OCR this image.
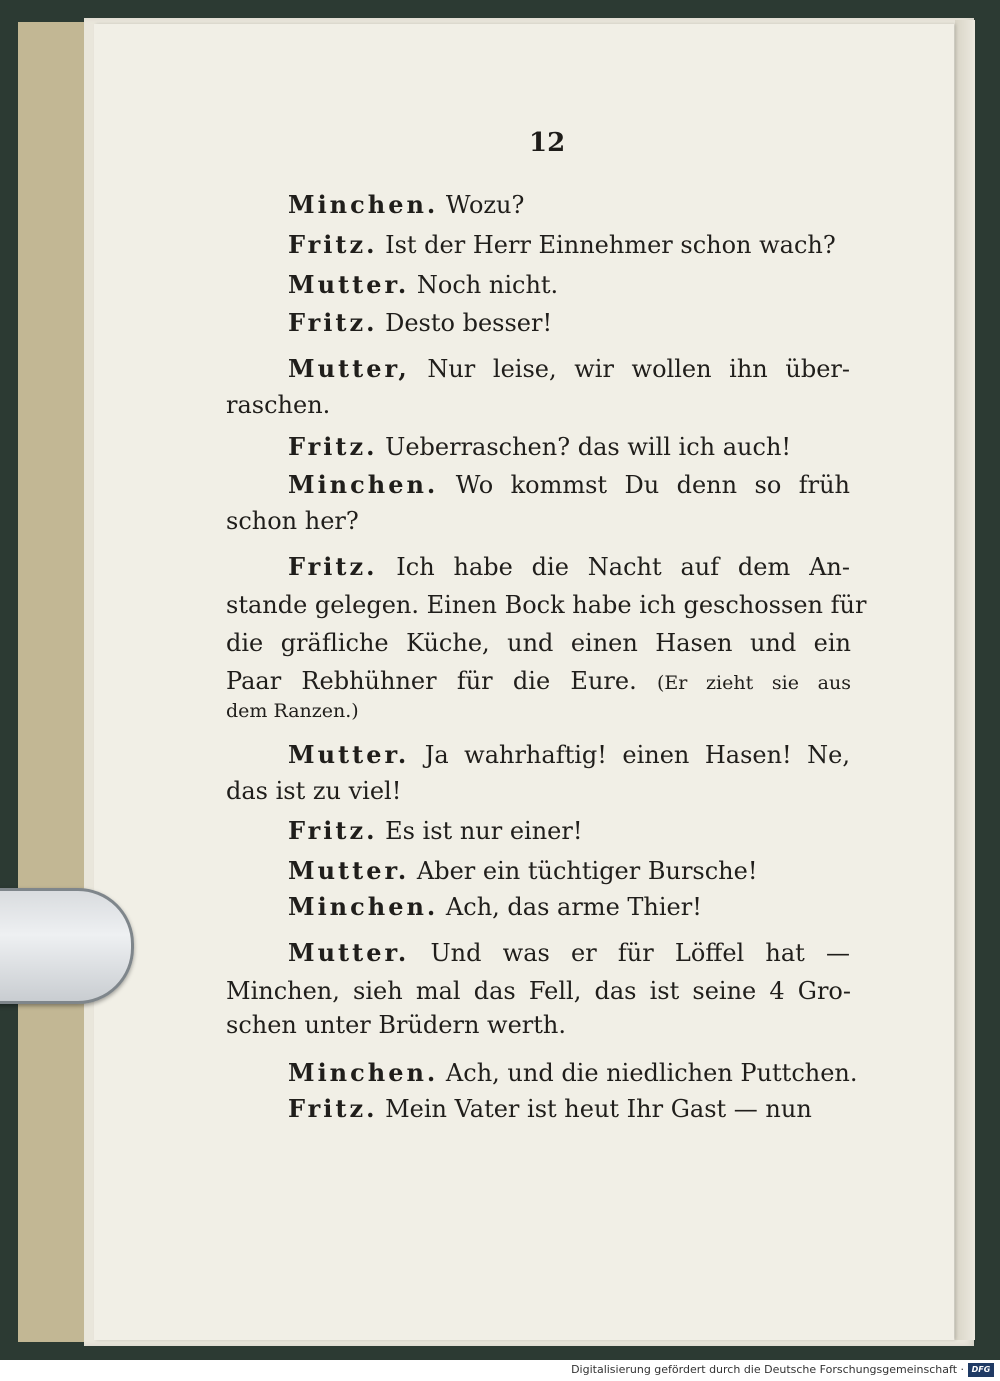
12

Minchen. Wozu?

Fritz. Ist der Herr Einnehmer schon wach?

Mutter. Noch nicht.

Fritz. Desto besser!

Mutter, Nur leise, wir wollen ihn über-

raschen.

Fritz. Ueberraschen? das will ich auch!

Minchen. Wo kommst Du denn so früh

schon her?

Fritz. Ich habe die Nacht auf dem An-

stande gelegen. Einen Bock habe ich geschossen für

die gräfliche Küche, und einen Hasen und ein

Paar Rebhühner für die Eure. (Er zieht sie aus

dem Ranzen.)

Mutter. Ja wahrhaftig! einen Hasen! Ne,

das ist zu viel!

Fritz. Es ist nur einer!

Mutter. Aber ein tüchtiger Bursche!

Minchen. Ach, das arme Thier!

Mutter. Und was er für Löffel hat —

Minchen, sieh mal das Fell, das ist seine 4 Gro-

schen unter Brüdern werth.

Minchen. Ach, und die niedlichen Puttchen.

Fritz. Mein Vater ist heut Ihr Gast — nun

Digitalisierung gefördert durch die Deutsche Forschungsgemeinschaft · DFG
